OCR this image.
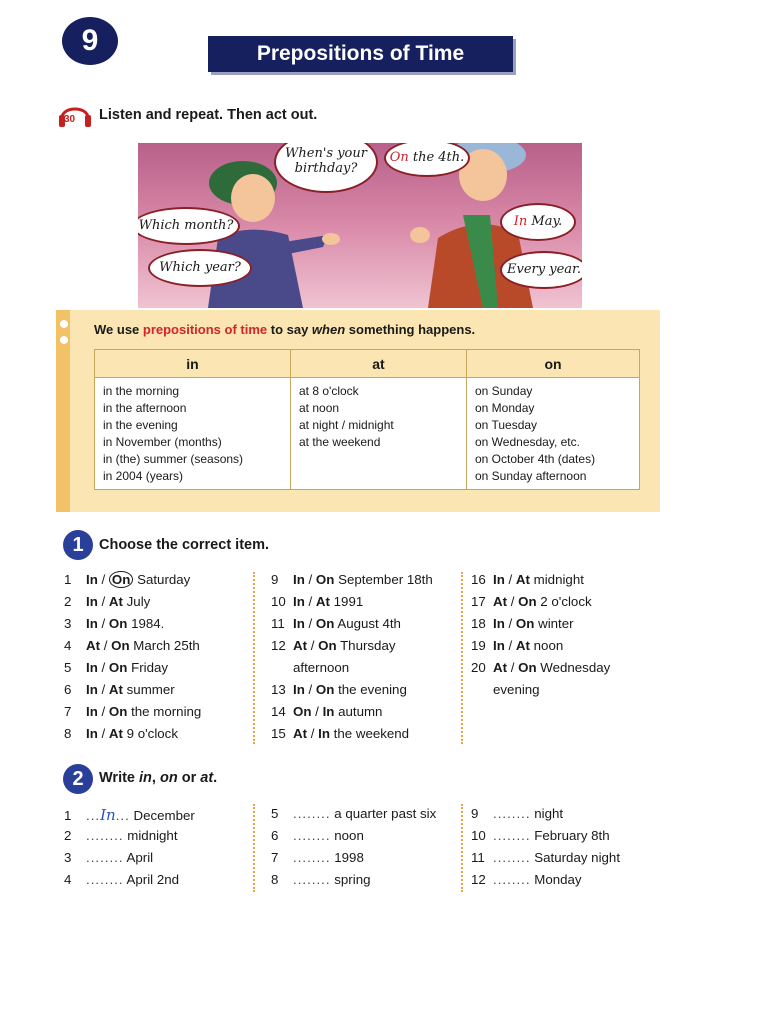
9	Prepositions of Time
30 Listen and repeat. Then act out.
When's your birthday?
On the 4th.
Which month?	In May.
Which year?	Every year.
We use prepositions of time to say when something happens.
in
in the morning
in the afternoon
in the evening
in November (months)
in (the) summer (seasons)
in 2004 (years)
at
at 8 o'clock
at noon
at night / midnight
at the weekend
on
on Sunday
on Monday
on Tuesday
on Wednesday, etc.
on October 4th (dates)
on Sunday afternoon
1	Choose the correct item.
1 In / On Saturday
2 In / At July
3 In / On 1984.
4 At / On March 25th
5 In / On Friday
6 In / At summer
7 In / On the morning
8 In / At 9 o'clock
9 In / On September 18th
10 In / At 1991
11 In / On August 4th
12 At / On Thursday
afternoon
13 In / On the evening
14 On / In autumn
15 At / In the weekend
16 In / At midnight
17 At / On 2 o'clock
18 In / On winter
19 In / At noon
20 At / On Wednesday
evening
2	Write in, on or at.
1 ...In... December
2 ........ midnight
3 ........ April
4 ........ April 2nd
5 ........ a quarter past six
6 ........ noon
7 ........ 1998
8 ........ spring
9 ........ night
10 ........ February 8th
11 ........ Saturday night
12 ........ Monday
